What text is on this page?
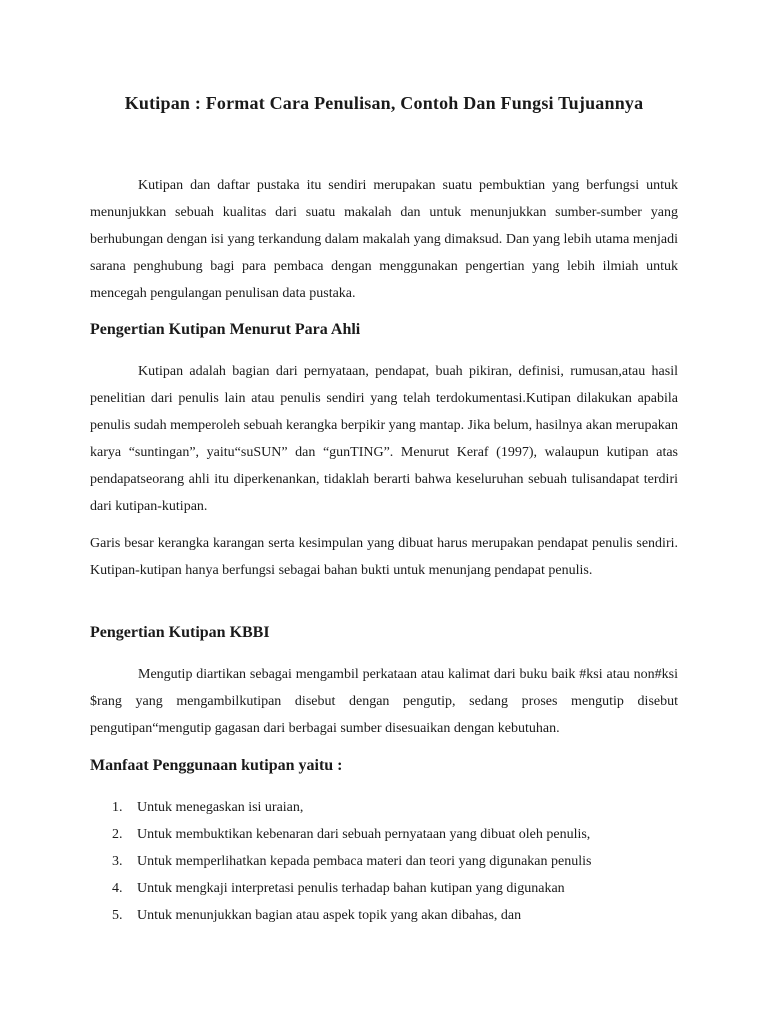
Kutipan : Format Cara Penulisan, Contoh Dan Fungsi Tujuannya

Kutipan dan daftar pustaka itu sendiri merupakan suatu pembuktian yang berfungsi untuk menunjukkan sebuah kualitas dari suatu makalah dan untuk menunjukkan sumber-sumber yang berhubungan dengan isi yang terkandung dalam makalah yang dimaksud. Dan yang lebih utama menjadi sarana penghubung bagi para pembaca dengan menggunakan pengertian yang lebih ilmiah untuk mencegah pengulangan penulisan data pustaka.

Pengertian Kutipan Menurut Para Ahli

Kutipan adalah bagian dari pernyataan, pendapat, buah pikiran, definisi, rumusan,atau hasil penelitian dari penulis lain atau penulis sendiri yang telah terdokumentasi.Kutipan dilakukan apabila penulis sudah memperoleh sebuah kerangka berpikir yang mantap. Jika belum, hasilnya akan merupakan karya “suntingan”, yaitu“suSUN” dan “gunTING”. Menurut Keraf (1997), walaupun kutipan atas pendapatseorang ahli itu diperkenankan, tidaklah berarti bahwa keseluruhan sebuah tulisandapat terdiri dari kutipan-kutipan.

Garis besar kerangka karangan serta kesimpulan yang dibuat harus merupakan pendapat penulis sendiri. Kutipan-kutipan hanya berfungsi sebagai bahan bukti untuk menunjang pendapat penulis.

Pengertian Kutipan KBBI

Mengutip diartikan sebagai mengambil perkataan atau kalimat dari buku baik #ksi atau non#ksi $rang yang mengambilkutipan disebut dengan pengutip, sedang proses mengutip disebut pengutipan“mengutip gagasan dari berbagai sumber disesuaikan dengan kebutuhan.

Manfaat Penggunaan kutipan yaitu :
1. Untuk menegaskan isi uraian,
2. Untuk membuktikan kebenaran dari sebuah pernyataan yang dibuat oleh penulis,
3. Untuk memperlihatkan kepada pembaca materi dan teori yang digunakan penulis
4. Untuk mengkaji interpretasi penulis terhadap bahan kutipan yang digunakan
5. Untuk menunjukkan bagian atau aspek topik yang akan dibahas, dan
